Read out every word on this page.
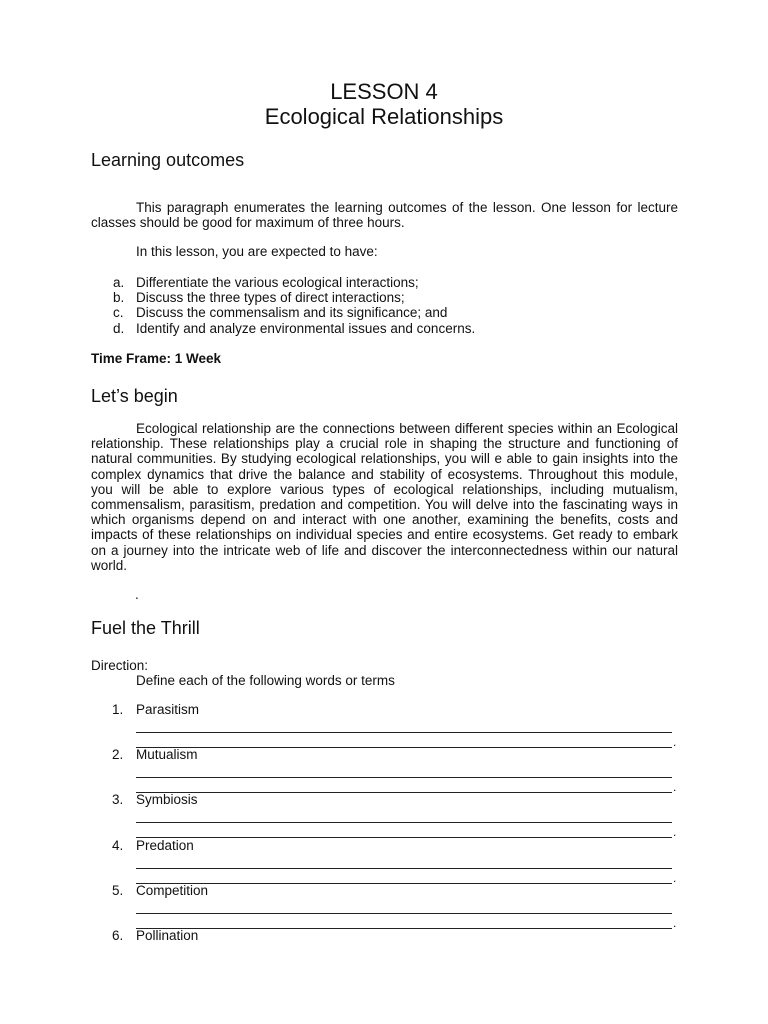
LESSON 4
Ecological Relationships
Learning outcomes

This paragraph enumerates the learning outcomes of the lesson. One lesson for lecture classes should be good for maximum of three hours.

In this lesson, you are expected to have:

a. Differentiate the various ecological interactions;
b. Discuss the three types of direct interactions;
c. Discuss the commensalism and its significance; and
d. Identify and analyze environmental issues and concerns.

Time Frame: 1 Week

Let’s begin

Ecological relationship are the connections between different species within an Ecological relationship. These relationships play a crucial role in shaping the structure and functioning of natural communities. By studying ecological relationships, you will e able to gain insights into the complex dynamics that drive the balance and stability of ecosystems. Throughout this module, you will be able to explore various types of ecological relationships, including mutualism, commensalism, parasitism, predation and competition. You will delve into the fascinating ways in which organisms depend on and interact with one another, examining the benefits, costs and impacts of these relationships on individual species and entire ecosystems. Get ready to embark on a journey into the intricate web of life and discover the interconnectedness within our natural world.

.
Fuel the Thrill

Direction:

Define each of the following words or terms

1. Parasitism
.
2. Mutualism
.
3. Symbiosis
.
4. Predation
.
5. Competition
.
6. Pollination
